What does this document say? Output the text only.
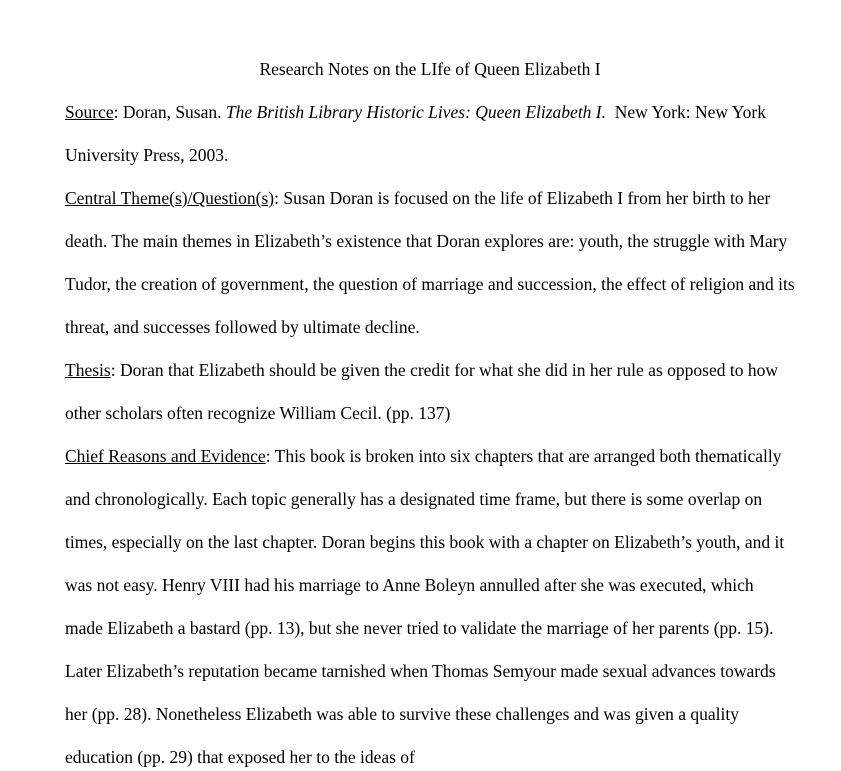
Research Notes on the LIfe of Queen Elizabeth I

Source: Doran, Susan. The British Library Historic Lives: Queen Elizabeth I.  New York: New York University Press, 2003.

Central Theme(s)/Question(s): Susan Doran is focused on the life of Elizabeth I from her birth to her death. The main themes in Elizabeth’s existence that Doran explores are: youth, the struggle with Mary Tudor, the creation of government, the question of marriage and succession, the effect of religion and its threat, and successes followed by ultimate decline.

Thesis: Doran that Elizabeth should be given the credit for what she did in her rule as opposed to how other scholars often recognize William Cecil. (pp. 137)

Chief Reasons and Evidence: This book is broken into six chapters that are arranged both thematically and chronologically. Each topic generally has a designated time frame, but there is some overlap on times, especially on the last chapter. Doran begins this book with a chapter on Elizabeth’s youth, and it was not easy. Henry VIII had his marriage to Anne Boleyn annulled after she was executed, which made Elizabeth a bastard (pp. 13), but she never tried to validate the marriage of her parents (pp. 15). Later Elizabeth’s reputation became tarnished when Thomas Semyour made sexual advances towards her (pp. 28). Nonetheless Elizabeth was able to survive these challenges and was given a quality education (pp. 29) that exposed her to the ideas of
